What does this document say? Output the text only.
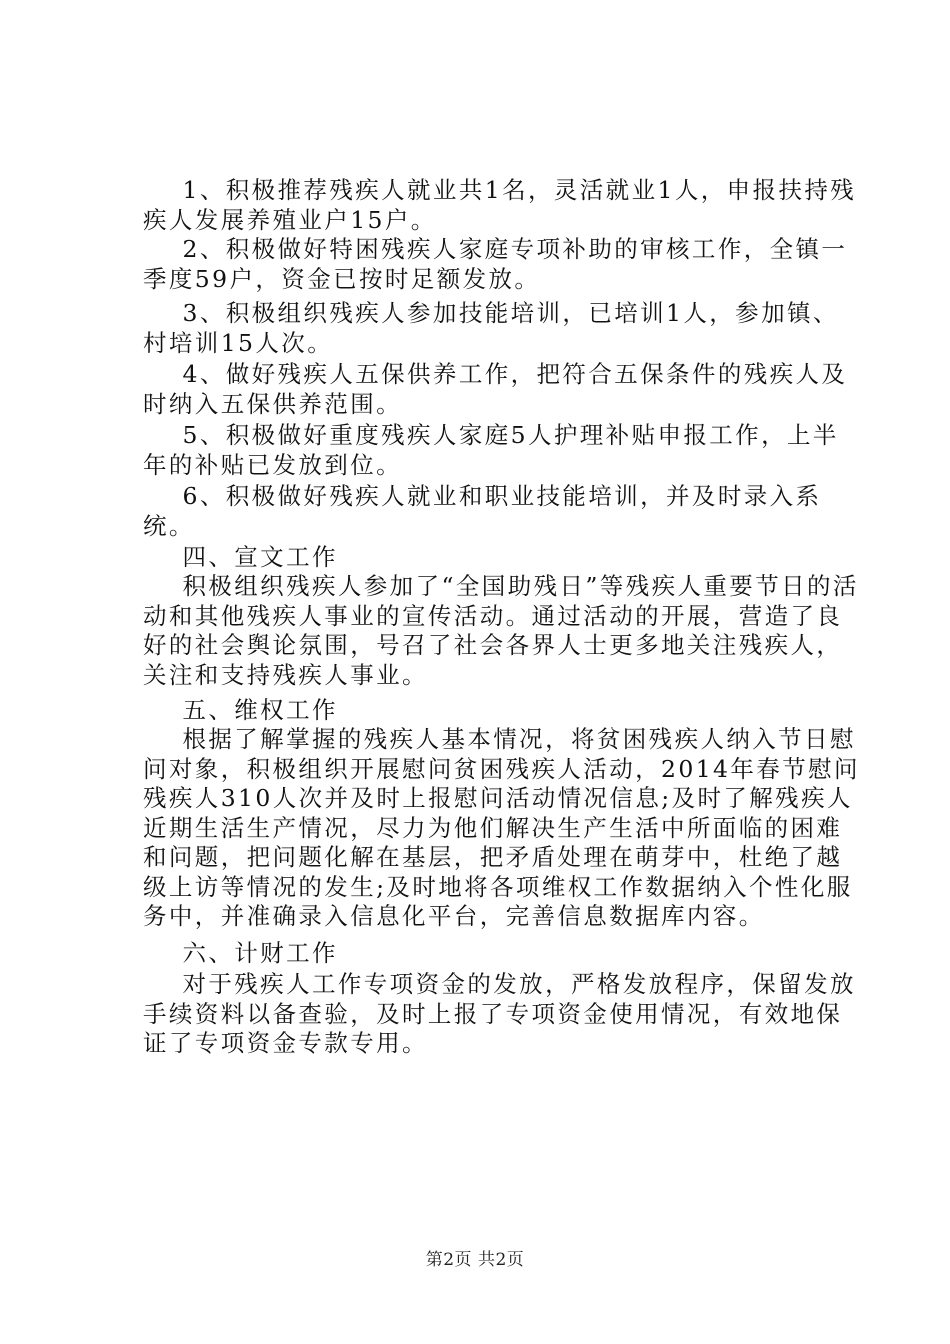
1、积极推荐残疾人就业共1名，灵活就业1人，申报扶持残疾人发展养殖业户15户。

2、积极做好特困残疾人家庭专项补助的审核工作，全镇一季度59户，资金已按时足额发放。

3、积极组织残疾人参加技能培训，已培训1人，参加镇、村培训15人次。

4、做好残疾人五保供养工作，把符合五保条件的残疾人及时纳入五保供养范围。

5、积极做好重度残疾人家庭5人护理补贴申报工作，上半年的补贴已发放到位。

6、积极做好残疾人就业和职业技能培训，并及时录入系统。

四、宣文工作

积极组织残疾人参加了“全国助残日”等残疾人重要节日的活动和其他残疾人事业的宣传活动。通过活动的开展，营造了良好的社会舆论氛围，号召了社会各界人士更多地关注残疾人，关注和支持残疾人事业。

五、维权工作

根据了解掌握的残疾人基本情况，将贫困残疾人纳入节日慰问对象，积极组织开展慰问贫困残疾人活动，2014年春节慰问残疾人310人次并及时上报慰问活动情况信息;及时了解残疾人近期生活生产情况，尽力为他们解决生产生活中所面临的困难和问题，把问题化解在基层，把矛盾处理在萌芽中，杜绝了越级上访等情况的发生;及时地将各项维权工作数据纳入个性化服务中，并准确录入信息化平台，完善信息数据库内容。

六、计财工作

对于残疾人工作专项资金的发放，严格发放程序，保留发放手续资料以备查验，及时上报了专项资金使用情况，有效地保证了专项资金专款专用。

第2页 共2页
